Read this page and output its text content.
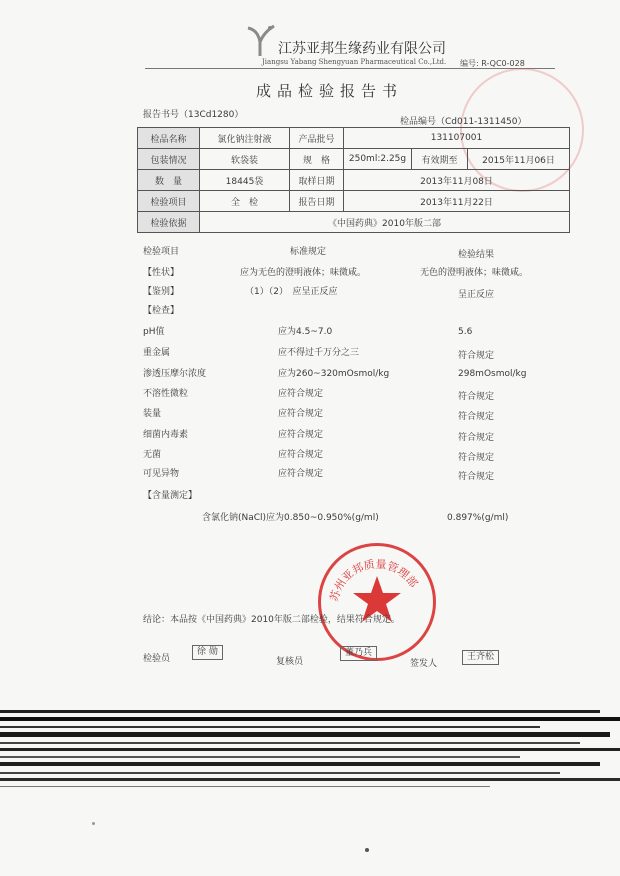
江苏亚邦生缘药业有限公司
Jiangsu Yabang Shengyuan Pharmaceutical Co.,Ltd. 编号: R-QC0-028
成品检验报告书
报告书号（13Cd1280）
检品编号（Cd011-1311450）
检品名称	氯化钠注射液	产品批号	131107001		
包装情况	软袋装	规　格	250ml:2.25g	有效期至	2015年11月06日
数　量	18445袋	取样日期	2013年11月08日		
检验项目	全　检	报告日期	2013年11月22日		
检验依据	《中国药典》2010年版二部				
检验项目	标准规定	检验结果
【性状】	应为无色的澄明液体；味微咸。	无色的澄明液体；味微咸。
【鉴别】	（1）（2）　应呈正反应	呈正反应
【检查】
pH值	应为4.5~7.0	5.6
重金属	应不得过千万分之三	符合规定
渗透压摩尔浓度	应为260~320mOsmol/kg	298mOsmol/kg
不溶性微粒	应符合规定	符合规定
装量	应符合规定	符合规定
细菌内毒素	应符合规定	符合规定
无菌	应符合规定	符合规定
可见异物	应符合规定	符合规定
【含量测定】
含氯化钠(NaCl)应为0.850~0.950%(g/ml)	0.897%(g/ml)
苏州亚邦质量管理部
结论：本品按《中国药典》2010年版二部检验，结果符合规定。
检验员
徐 勋
复核员
董乃兵
签发人
王齐松
